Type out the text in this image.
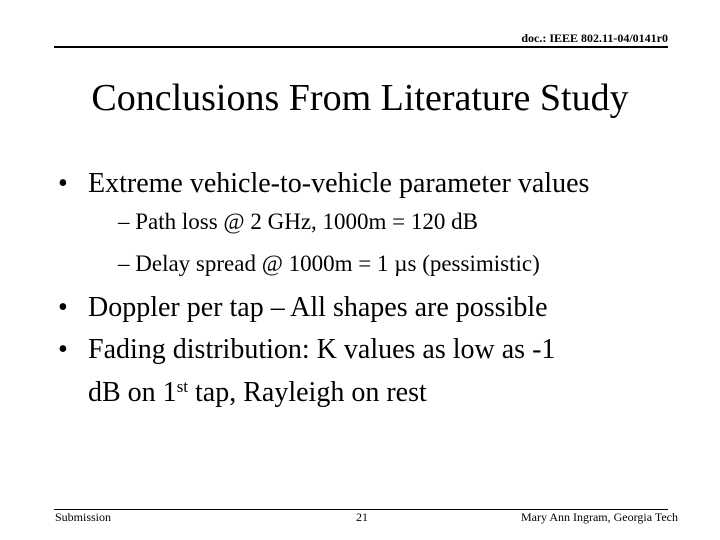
doc.: IEEE 802.11-04/0141r0
Conclusions From Literature Study
• Extreme vehicle-to-vehicle parameter values
– Path loss @ 2 GHz, 1000m = 120 dB
– Delay spread @ 1000m = 1 µs (pessimistic)
• Doppler per tap – All shapes are possible
• Fading distribution: K values as low as -1
dB on 1st tap, Rayleigh on rest
Submission	21	Mary Ann Ingram, Georgia Tech
